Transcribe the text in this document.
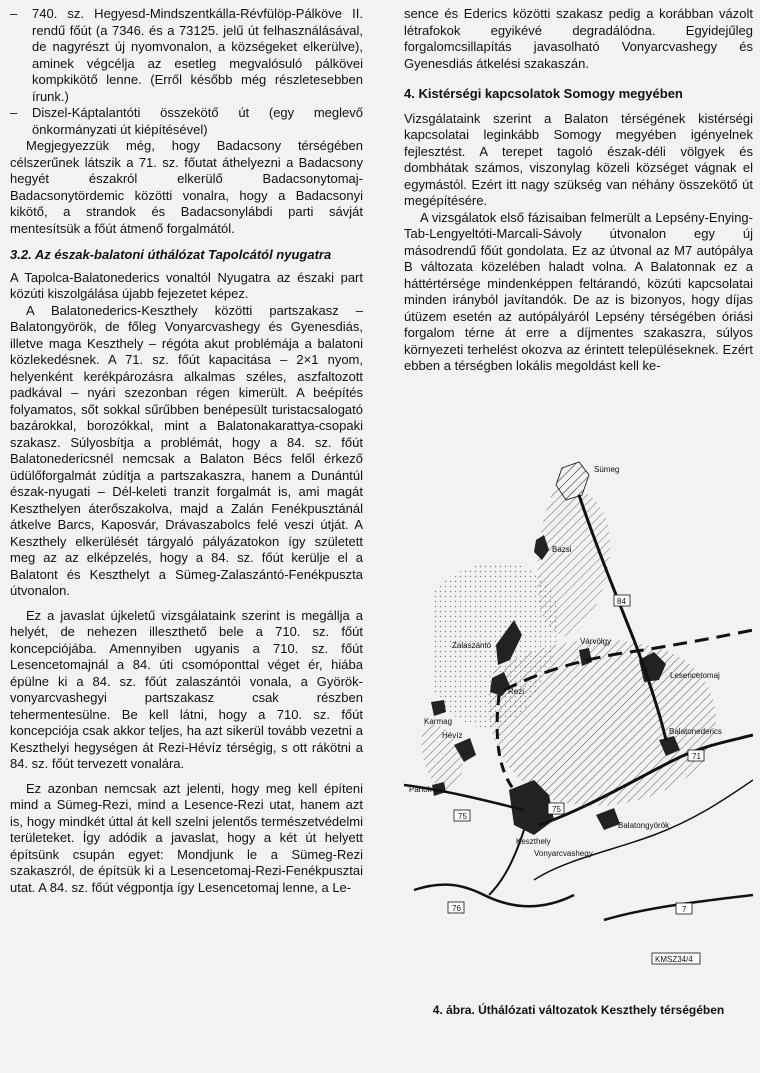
–	740. sz. Hegyesd-Mindszentkálla-Révfülöp-Pálköve II. rendű főút (a 7346. és a 73125. jelű út felhasználásával, de nagyrészt új nyomvonalon, a községeket elkerülve), aminek végcélja az esetleg megvalósuló pálkövei kompkikötő lenne. (Erről később még részletesebben írunk.)
–	Diszel-Káptalantóti összekötő út (egy meglevő önkormányzati út kiépítésével)

Megjegyezzük még, hogy Badacsony térségében célszerűnek látszik a 71. sz. főutat áthelyezni a Badacsony hegyét északról elkerülő Badacsonytomaj-Badacsonytördemic közötti vonalra, hogy a Badacsonyi kikötő, a strandok és Badacsonylábdi parti sávját mentesítsük a főút átmenő forgalmától.

3.2. Az észak-balatoni úthálózat Tapolcától nyugatra

A Tapolca-Balatonederics vonaltól Nyugatra az északi part közúti kiszolgálása újabb fejezetet képez.

A Balatonederics-Keszthely közötti partszakasz – Balatongyörök, de főleg Vonyarcvashegy és Gyenesdiás, illetve maga Keszthely – régóta akut problémája a balatoni közlekedésnek. A 71. sz. főút kapacitása – 2×1 nyom, helyenként kerékpározásra alkalmas széles, aszfaltozott padkával – nyári szezonban régen kimerült. A beépítés folyamatos, sőt sokkal sűrűbben benépesült turistacsalogató bazárokkal, borozókkal, mint a Balatonakarattya-csopaki szakasz. Súlyosbítja a problémát, hogy a 84. sz. főút Balatonedericsnél nemcsak a Balaton Bécs felől érkező üdülőforgalmát zúdítja a partszakaszra, hanem a Dunántúl észak-nyugati – Dél-keleti tranzit forgalmát is, ami magát Keszthelyen áterőszakolva, majd a Zalán Fenékpusztánál átkelve Barcs, Kaposvár, Drávaszabolcs felé veszi útját. A Keszthely elkerülését tárgyaló pályázatokon így született meg az az elképzelés, hogy a 84. sz. főút kerülje el a Balatont és Keszthelyt a Sümeg-Zalaszántó-Fenékpuszta útvonalon.

Ez a javaslat újkeletű vizsgálataink szerint is megállja a helyét, de nehezen illeszthető bele a 710. sz. főút koncepciójába. Amennyiben ugyanis a 710. sz. főút Lesencetomajnál a 84. úti csomóponttal véget ér, hiába épülne ki a 84. sz. főút zalaszántói vonala, a Györök-vonyarcvashegyi partszakasz csak részben tehermentesülne. Be kell látni, hogy a 710. sz. főút koncepciója csak akkor teljes, ha azt sikerül tovább vezetni a Keszthelyi hegységen át Rezi-Hévíz térségig, s ott rákötni a 84. sz. főút tervezett vonalára.

Ez azonban nemcsak azt jelenti, hogy meg kell építeni mind a Sümeg-Rezi, mind a Lesence-Rezi utat, hanem azt is, hogy mindkét úttal át kell szelni jelentős természetvédelmi területeket. Így adódik a javaslat, hogy a két út helyett építsünk csupán egyet: Mondjunk le a Sümeg-Rezi szakaszról, de építsük ki a Lesencetomaj-Rezi-Fenékpusztai utat. A 84. sz. főút végpontja így Lesencetomaj lenne, a Le-

sence és Ederics közötti szakasz pedig a korábban vázolt létrafokok egyikévé degradálódna. Egyidejűleg forgalomcsillapítás javasolható Vonyarcvashegy és Gyenesdiás átkelési szakaszán.

4. Kistérségi kapcsolatok Somogy megyében

Vizsgálataink szerint a Balaton térségének kistérségi kapcsolatai leginkább Somogy megyében igényelnek fejlesztést. A terepet tagoló észak-déli völgyek és dombhátak számos, viszonylag közeli községet vágnak el egymástól. Ezért itt nagy szükség van néhány összekötő út megépítésére.

A vizsgálatok első fázisaiban felmerült a Lepsény-Enying-Tab-Lengyeltóti-Marcali-Sávoly útvonalon egy új másodrendű főút gondolata. Ez az útvonal az M7 autópálya B változata közelében haladt volna. A Balatonnak ez a háttértérsége mindenképpen feltárandó, közúti kapcsolatai minden irányból javítandók. De az is bizonyos, hogy díjas útüzem esetén az autópályáról Lepsény térségében óriási forgalom térne át erre a díjmentes szakaszra, súlyos környezeti terhelést okozva az érintett településeknek. Ezért ebben a térségben lokális megoldást kell ke-

84
71
75
75
76	7
Sümeg
Bazsi
Zalaszántó	Várvölgy
Lesencetomaj
Rezi
Karmag
Hévíz	Balatonederics
Pahok
Balatongyörök
Keszthely
Vonyarcvashegy
KMSZ34/4
4. ábra. Úthálózati változatok Keszthely térségében
